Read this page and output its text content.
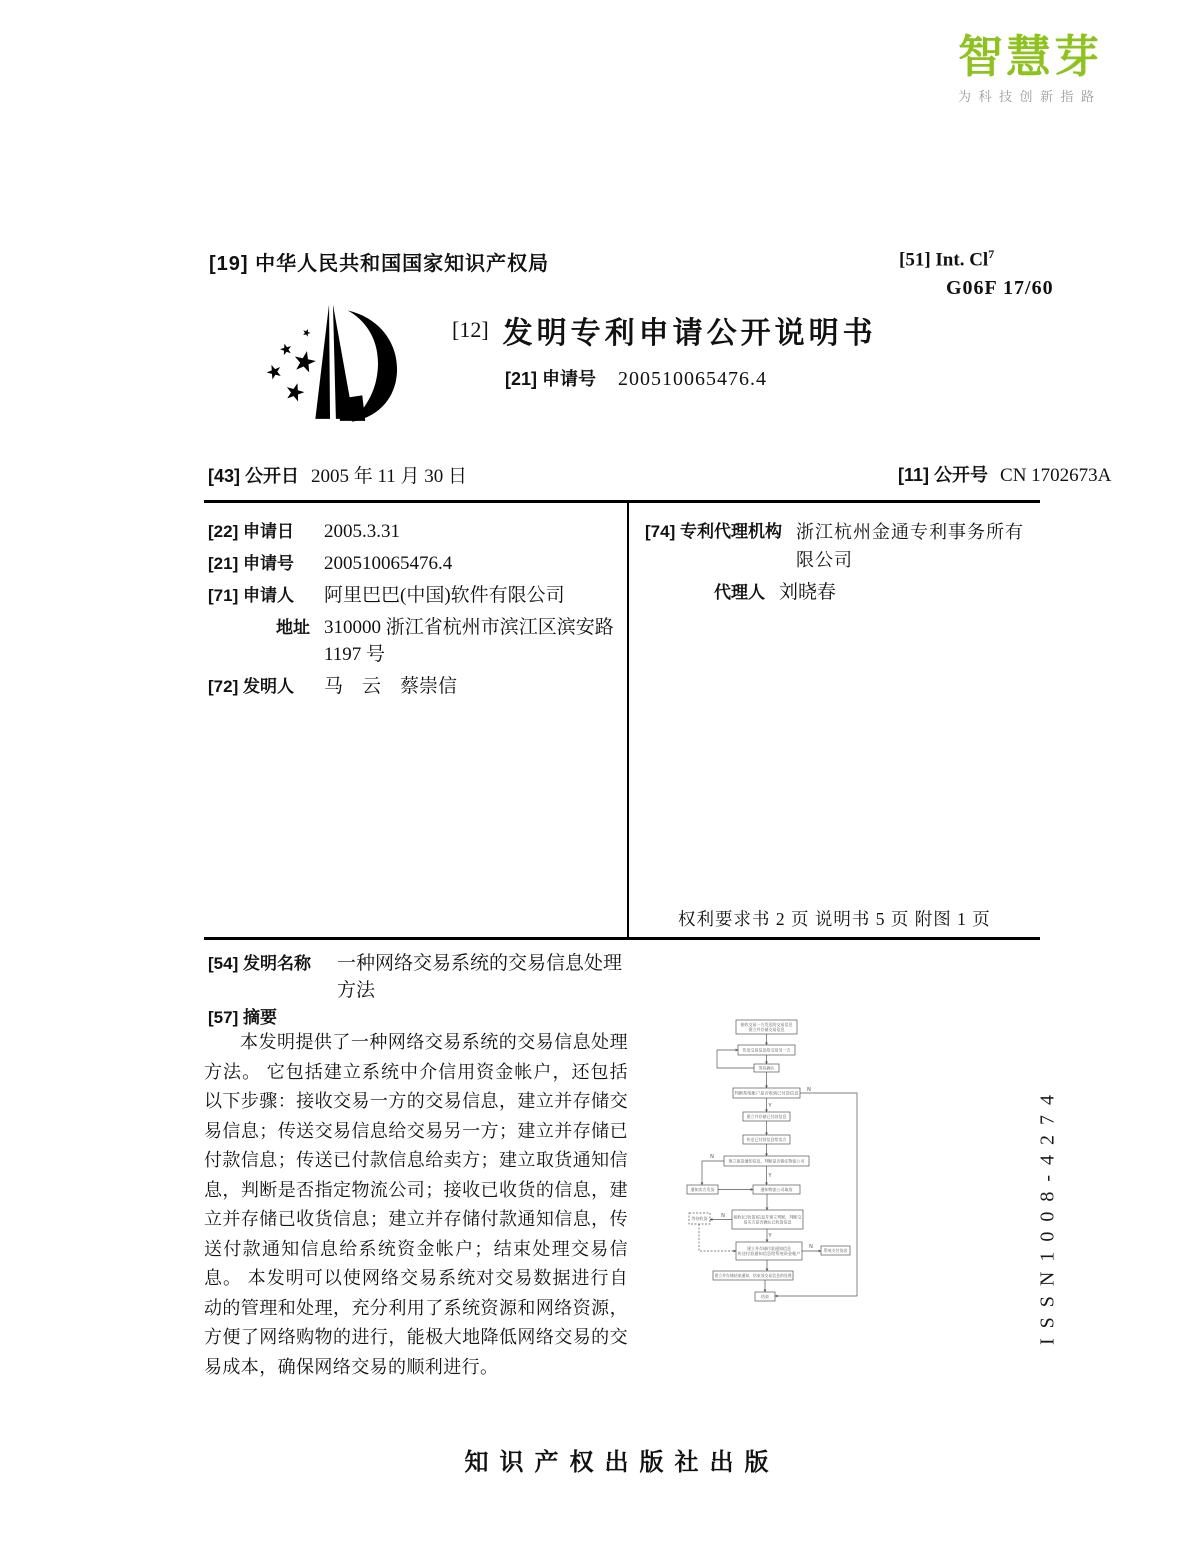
智慧芽
为科技创新指路
[19] 中华人民共和国国家知识产权局	[51] Int. Cl$^7$
G06F 17/60
[12] 发明专利申请公开说明书
[21] 申请号 200510065476.4
[43] 公开日 2005 年 11 月 30 日	[11] 公开号 CN 1702673A
[22] 申请日	2005.3.31
[21] 申请号	200510065476.4
[71] 申请人	阿里巴巴(中国)软件有限公司
地址 310000 浙江省杭州市滨江区滨安路 1197 号
[72] 发明人	马　云　蔡崇信
[74] 专利代理机构 浙江杭州金通专利事务所有限公司
代理人 刘晓春
权利要求书 2 页 说明书 5 页 附图 1 页
[54] 发明名称 一种网络交易系统的交易信息处理方法
[57] 摘要
本发明提供了一种网络交易系统的交易信息处理方法。 它包括建立系统中介信用资金帐户，还包括以下步骤：接收交易一方的交易信息，建立并存储交易信息；传送交易信息给交易另一方；建立并存储已付款信息；传送已付款信息给卖方；建立取货通知信息，判断是否指定物流公司；接收已收货的信息，建立并存储已收货信息；建立并存储付款通知信息，传送付款通知信息给系统资金帐户；结束处理交易信息。 本发明可以使网络交易系统对交易数据进行自动的管理和处理，充分利用了系统资源和网络资源，方便了网络购物的进行，能极大地降低网络交易的交易成本，确保网络交易的顺利进行。
接收交易一方发送的交易信息
建立并存储交易信息
传送交易信息给交易另一方
等待确认
判断系统帐户是否收到已付款信息
建立并存储已付款信息
传送已付款信息给卖方
建立取货通知信息，判断是否指定物流公司
通知卖方发货	通知物流公司取货
接收(已收货)信息并建立判断，判断交
易买方是否确认已收货信息
等待收货
建立并存储付款通知信息
传送付款通知信息给系统资金帐户
系统支付货款
建立并存储结束通知，结束该交易信息的处理
结束
N
Y
N
Y
N
Y
N	ISSN1008-4274
知识产权出版社出版
